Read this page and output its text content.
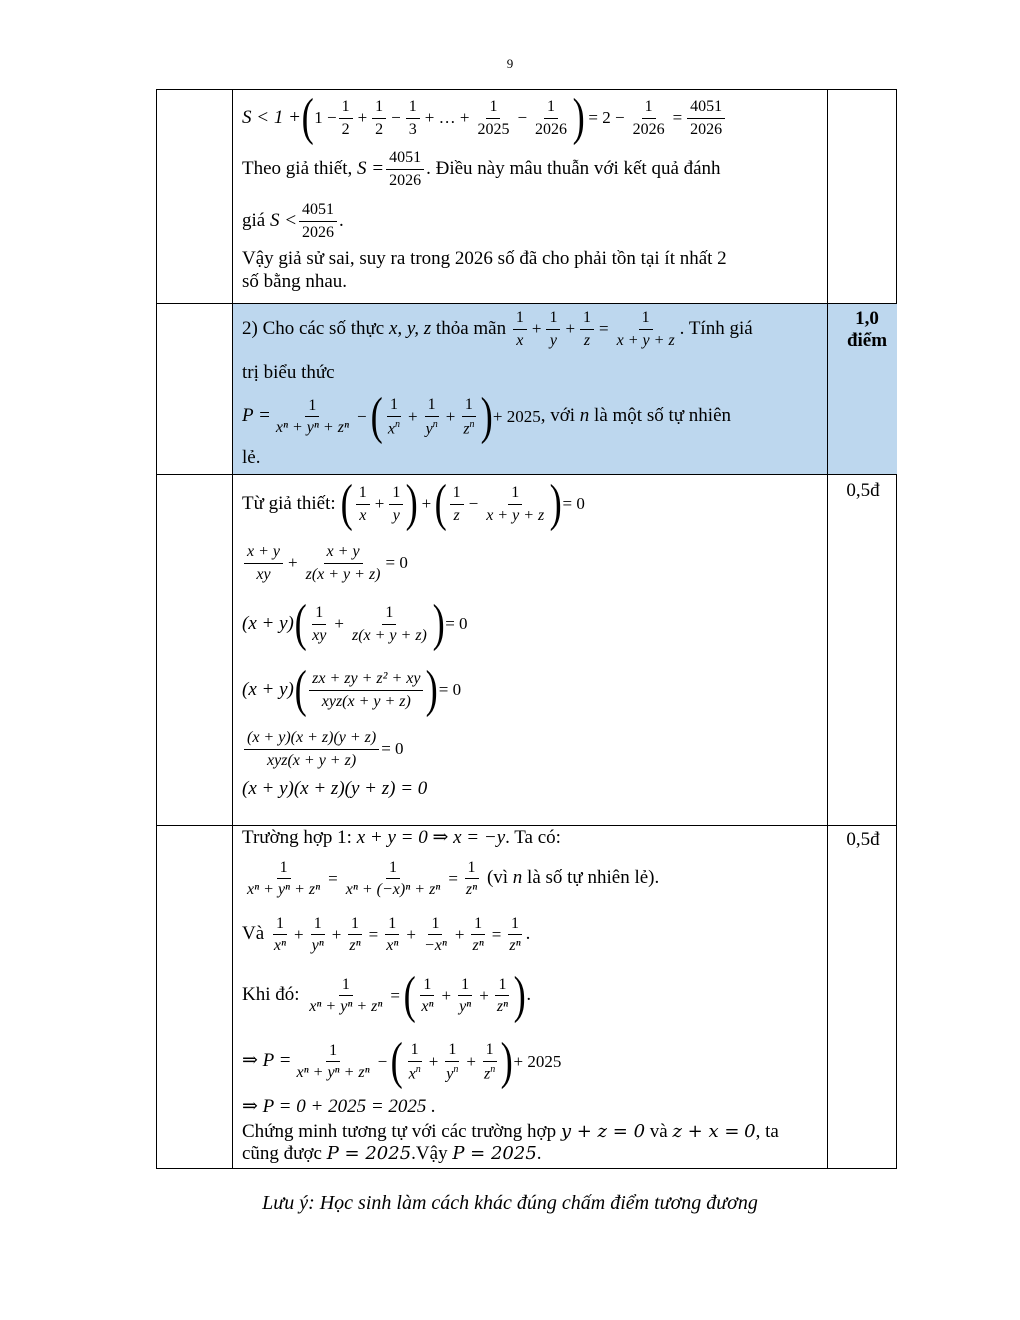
9
S < 1 + ( $1 - \frac{1}{2} + \frac{1}{2} - \frac{1}{3}$ + … + $\frac{1}{2025} - \frac{1}{2026}$ ) = $2 - \frac{1}{2026} = \frac{4051}{2026}$
Theo giả thiết,
$S = \frac{4051}{2026}$ . Điều này mâu thuẫn với kết quả đánh
giá
$S < \frac{4051}{2026}$ .
Vậy giả sử sai, suy ra trong 2026 số đã cho phải tồn tại ít nhất 2
số bằng nhau.
2) Cho các số thực
x, y, z
thỏa mãn
$\frac{1}{x} + \frac{1}{y} + \frac{1}{z} = \frac{1}{x + y + z}$ . Tính giá
trị biểu thức
$P = \frac{1}{\text{xⁿ + yⁿ + zⁿ}}$ − ( $\frac{1}{x^n} + \frac{1}{y^n} + \frac{1}{z^n}$ ) + 2025 , với
n
là một số tự nhiên
lẻ.
1,0
điểm
Từ giả thiết:
( $\frac{1}{x} + \frac{1}{y}$ ) + ( $\frac{1}{z} - \frac{1}{x + y + z}$ ) = 0
$\frac{x + y}{xy} + \frac{x + y}{z(x + y + z)} = 0$
(x + y) ( $\frac{1}{xy} + \frac{1}{z(x + y + z)}$ ) = 0
(x + y) ( $\frac{\text{zx + zy + z² + xy}}{\text{xyz(x + y + z)}}$ ) = 0
$\frac{(x + y)(x + z)(y + z)}{\text{xyz(x + y + z)}} = 0$
(x + y)(x + z)(y + z) = 0
0,5đ
Trường hợp 1:
x + y = 0 ⇒ x = −y . Ta có:
$\frac{1}{\text{xⁿ + yⁿ + zⁿ}} = \frac{1}{\text{xⁿ + (−x)ⁿ + zⁿ}} = \frac{1}{\text{zⁿ}}$
(vì
n
là số tự nhiên lẻ).
Và
$\frac{1}{\text{xⁿ}} + \frac{1}{\text{yⁿ}} + \frac{1}{\text{zⁿ}} = \frac{1}{\text{xⁿ}} + \frac{1}{\text{−xⁿ}} + \frac{1}{\text{zⁿ}} = \frac{1}{\text{zⁿ}}$ .
Khi đó:
$\frac{1}{\text{xⁿ + yⁿ + zⁿ}}$ = ( $\frac{1}{\text{xⁿ}} + \frac{1}{\text{yⁿ}} + \frac{1}{\text{zⁿ}}$ ) .
⇒ $P = \frac{1}{\text{xⁿ + yⁿ + zⁿ}}$ − ( $\frac{1}{x^n} + \frac{1}{y^n} + \frac{1}{z^n}$ ) + 2025
⇒ P = 0 + 2025 = 2025 .
Chứng minh tương tự với các trường hợp y + z = 0 và z + x = 0, ta cũng được P = 2025.Vậy P = 2025.
0,5đ
Lưu ý: Học sinh làm cách khác đúng chấm điểm tương đương
